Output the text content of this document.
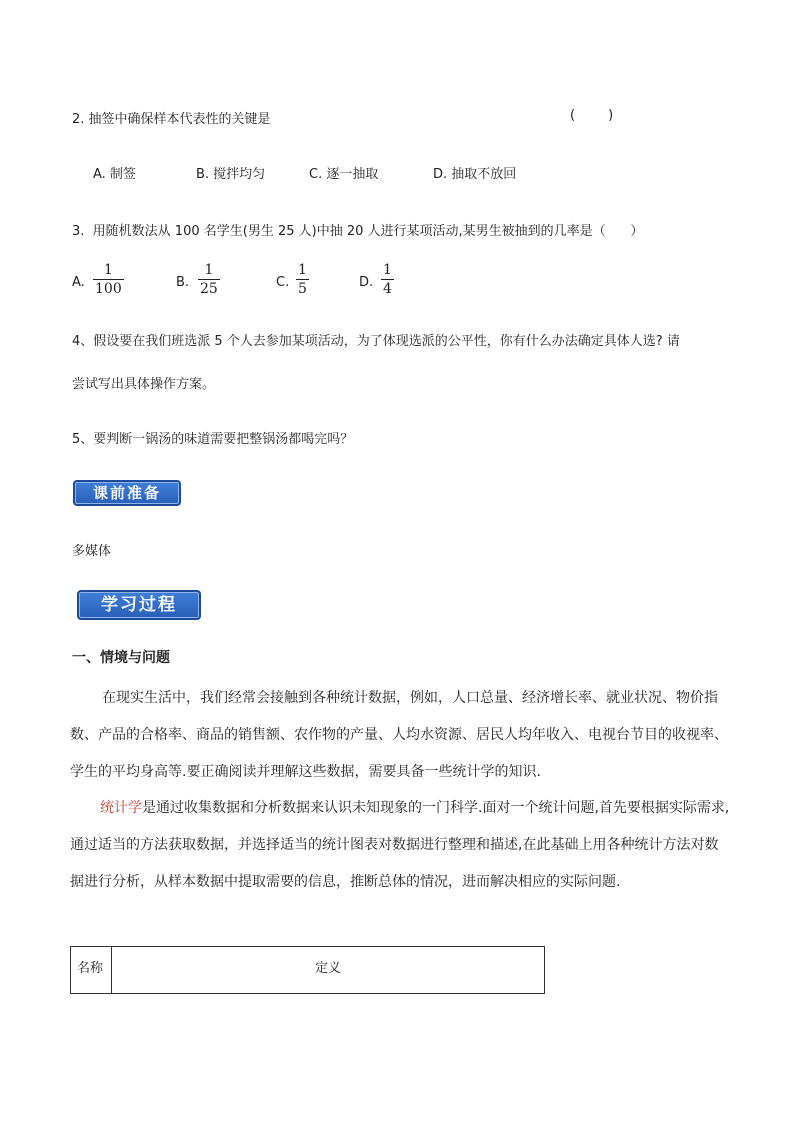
2. 抽签中确保样本代表性的关键是	(        )
A. 制签	B. 搅拌均匀	C. 逐一抽取	D. 抽取不放回
3.  用随机数法从 100 名学生(男生 25 人)中抽 20 人进行某项活动,某男生被抽到的几率是（      ）
A.
1
100	B.
1
25	C.
1
5	D.
1
4
4、假设要在我们班选派 5 个人去参加某项活动，为了体现选派的公平性，你有什么办法确定具体人选? 请
尝试写出具体操作方案。
5、要判断一锅汤的味道需要把整锅汤都喝完吗？
课前准备
多媒体
学习过程
一、情境与问题
在现实生活中，我们经常会接触到各种统计数据，例如，人口总量、经济增长率、就业状况、物价指数、产品的合格率、商品的销售额、农作物的产量、人均水资源、居民人均年收入、电视台节目的收视率、学生的平均身高等.要正确阅读并理解这些数据，需要具备一些统计学的知识.
统计学是通过收集数据和分析数据来认识未知现象的一门科学.面对一个统计问题,首先要根据实际需求,通过适当的方法获取数据，并选择适当的统计图表对数据进行整理和描述,在此基础上用各种统计方法对数据进行分析，从样本数据中提取需要的信息，推断总体的情况，进而解决相应的实际问题.
名称	定义
